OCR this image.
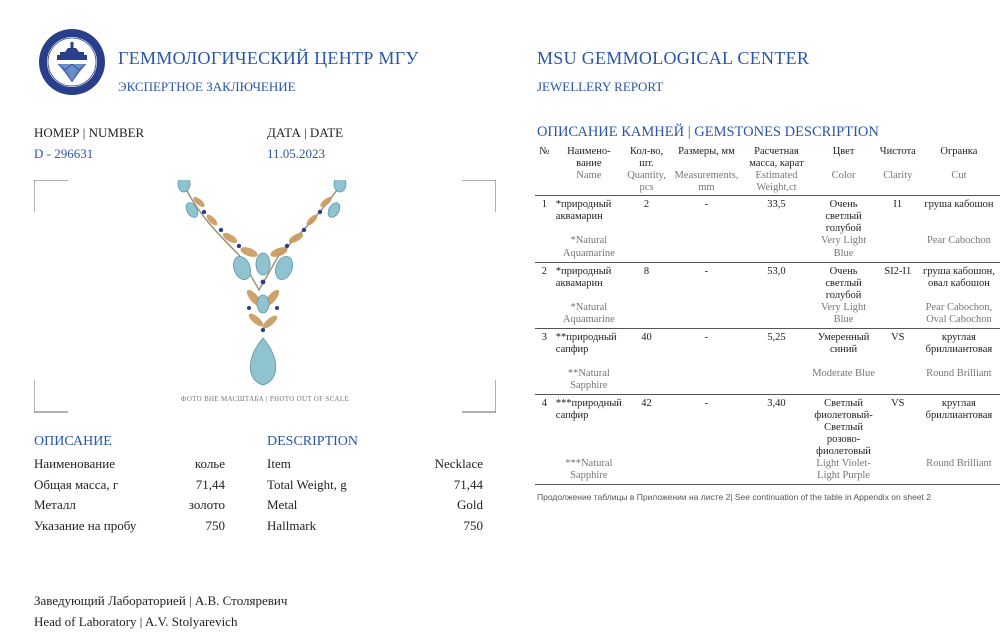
ГЕММОЛОГИЧЕСКИЙ ЦЕНТР МГУ
ЭКСПЕРТНОЕ ЗАКЛЮЧЕНИЕ
MSU GEMMOLOGICAL CENTER
JEWELLERY REPORT
НОМЕР | NUMBER
D - 296631
ДАТА | DATE
11.05.2023
ФОТО ВНЕ МАСШТАБА | PHOTO OUT OF SCALE
ОПИСАНИЕ
Наименование	колье
Общая масса, г	71,44
Металл	золото
Указание на пробу	750
DESCRIPTION
Item	Necklace
Total Weight, g	71,44
Metal	Gold
Hallmark	750
ОПИСАНИЕ КАМНЕЙ | GEMSTONES DESCRIPTION
№	Наимено-вание	Кол-во, шт.	Размеры, мм	Расчетная масса, карат	Цвет	Чистота	Огранка
	Name	Quantity, pcs	Measurements, mm	Estimated Weight,ct	Color	Clarity	Cut
1	*природный аквамарин	2	-	33,5	Очень светлый голубой	I1	груша кабошон
	*Natural Aquamarine				Very Light Blue		Pear Cabochon
2	*природный аквамарин	8	-	53,0	Очень светлый голубой	SI2-I1	груша кабошон, овал кабошон
	*Natural Aquamarine				Very Light Blue		Pear Cabochon, Oval Cabochon
3	**природный сапфир	40	-	5,25	Умеренный синий	VS	круглая бриллиантовая
	**Natural Sapphire				Moderate Blue		Round Brilliant
4	***природный сапфир	42	-	3,40	Светлый фиолетовый-Светлый розово-фиолетовый	VS	круглая бриллиантовая
	***Natural Sapphire				Light Violet-Light Purple		Round Brilliant
Продолжение таблицы в Приложении на листе 2| See continuation of the table in Appendix on sheet 2
Заведующий Лабораторией | А.В. Столяревич
Head of Laboratory | A.V. Stolyarevich
